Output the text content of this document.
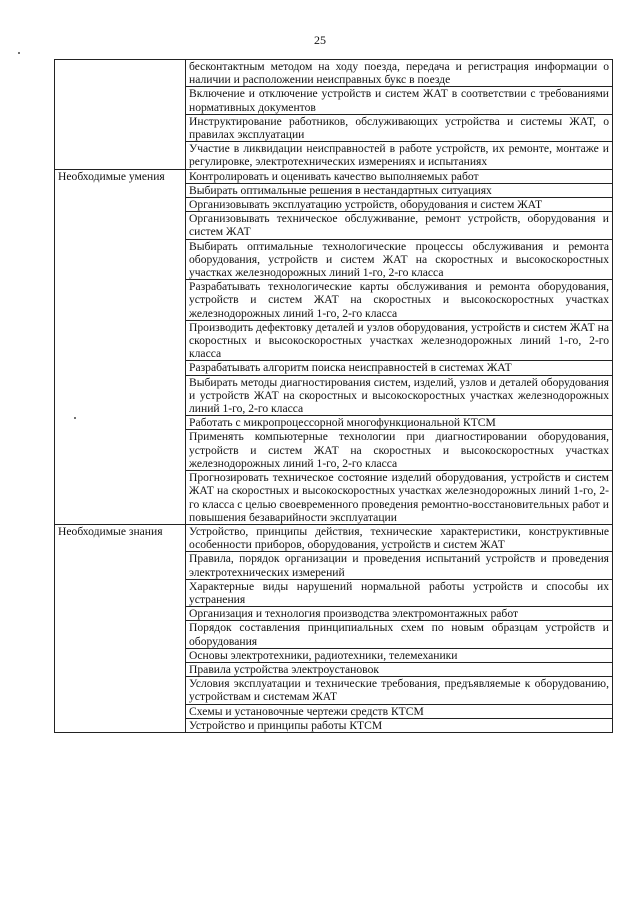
25
	бесконтактным методом на ходу поезда, передача и регистрация информации о наличии и расположении неисправных букс в поезде
	Включение и отключение устройств и систем ЖАТ в соответствии с требованиями нормативных документов
	Инструктирование работников, обслуживающих устройства и системы ЖАТ, о правилах эксплуатации
	Участие в ликвидации неисправностей в работе устройств, их ремонте, монтаже и регулировке, электротехнических измерениях и испытаниях
Необходимые умения	Контролировать и оценивать качество выполняемых работ
	Выбирать оптимальные решения в нестандартных ситуациях
	Организовывать эксплуатацию устройств, оборудования и систем ЖАТ
	Организовывать техническое обслуживание, ремонт устройств, оборудования и систем ЖАТ
	Выбирать оптимальные технологические процессы обслуживания и ремонта оборудования, устройств и систем ЖАТ на скоростных и высокоскоростных участках железнодорожных линий 1-го, 2-го класса
	Разрабатывать технологические карты обслуживания и ремонта оборудования, устройств и систем ЖАТ на скоростных и высокоскоростных участках железнодорожных линий 1-го, 2-го класса
	Производить дефектовку деталей и узлов оборудования, устройств и систем ЖАТ на скоростных и высокоскоростных участках железнодорожных линий 1-го, 2-го класса
	Разрабатывать алгоритм поиска неисправностей в системах ЖАТ
	Выбирать методы диагностирования систем, изделий, узлов и деталей оборудования и устройств ЖАТ на скоростных и высокоскоростных участках железнодорожных линий 1-го, 2-го класса
	Работать с микропроцессорной многофункциональной КТСМ
	Применять компьютерные технологии при диагностировании оборудования, устройств и систем ЖАТ на скоростных и высокоскоростных участках железнодорожных линий 1-го, 2-го класса
	Прогнозировать техническое состояние изделий оборудования, устройств и систем ЖАТ на скоростных и высокоскоростных участках железнодорожных линий 1-го, 2-го класса с целью своевременного проведения ремонтно-восстановительных работ и повышения безаварийности эксплуатации
Необходимые знания	Устройство, принципы действия, технические характеристики, конструктивные особенности приборов, оборудования, устройств и систем ЖАТ
	Правила, порядок организации и проведения испытаний устройств и проведения электротехнических измерений
	Характерные виды нарушений нормальной работы устройств и способы их устранения
	Организация и технология производства электромонтажных работ
	Порядок составления принципиальных схем по новым образцам устройств и оборудования
	Основы электротехники, радиотехники, телемеханики
	Правила устройства электроустановок
	Условия эксплуатации и технические требования, предъявляемые к оборудованию, устройствам и системам ЖАТ
	Схемы и установочные чертежи средств КТСМ
	Устройство и принципы работы КТСМ
